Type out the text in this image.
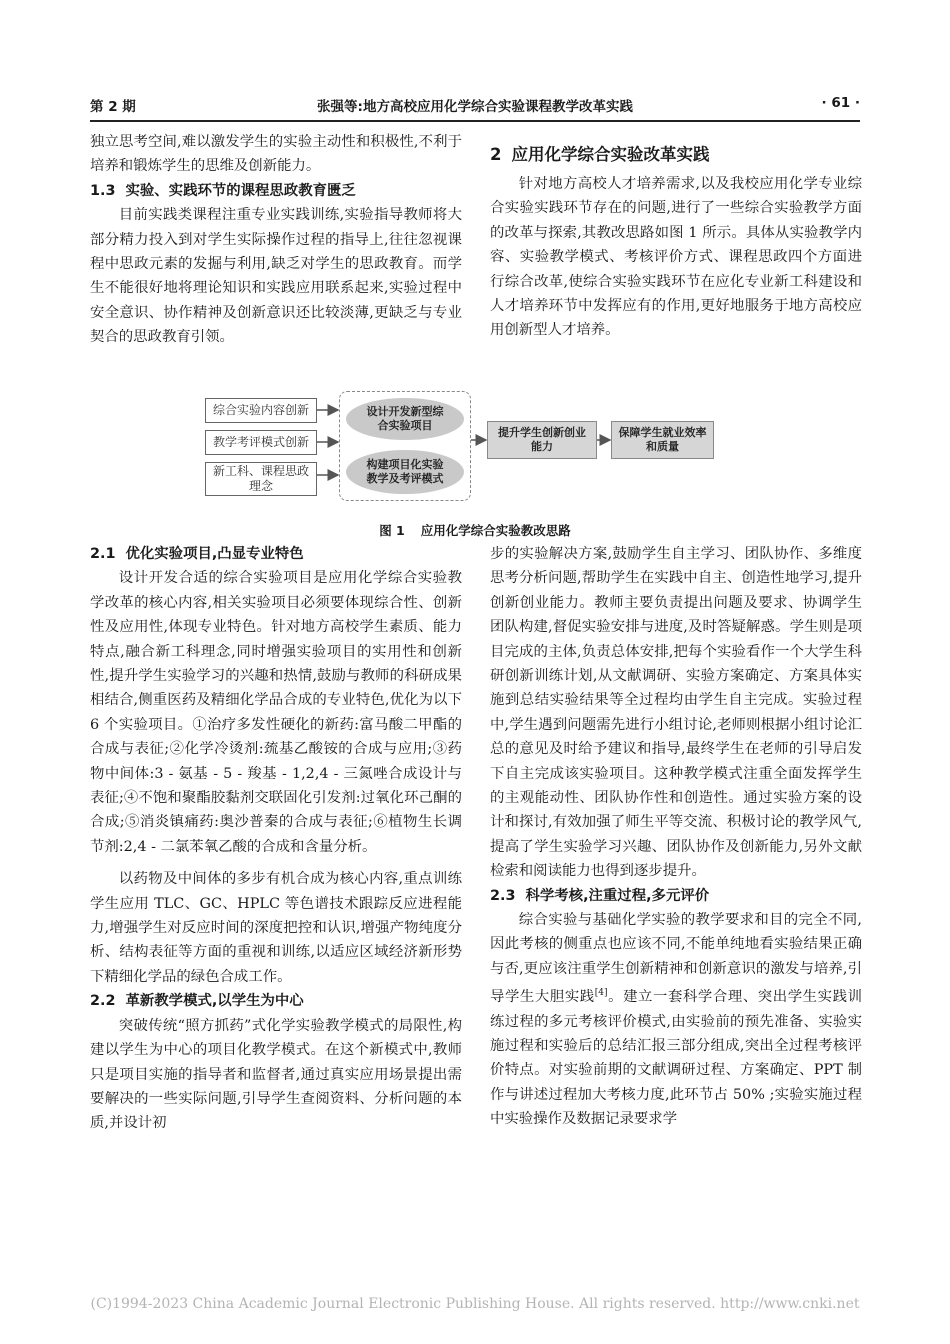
第 2 期	张强等:地方高校应用化学综合实验课程教学改革实践	· 61 ·

独立思考空间,难以激发学生的实验主动性和积极性,不利于培养和锻炼学生的思维及创新能力。

1.3 实验、实践环节的课程思政教育匮乏

目前实践类课程注重专业实践训练,实验指导教师将大部分精力投入到对学生实际操作过程的指导上,往往忽视课程中思政元素的发掘与利用,缺乏对学生的思政教育。而学生不能很好地将理论知识和实践应用联系起来,实验过程中安全意识、协作精神及创新意识还比较淡薄,更缺乏与专业契合的思政教育引领。

2 应用化学综合实验改革实践

针对地方高校人才培养需求,以及我校应用化学专业综合实验实践环节存在的问题,进行了一些综合实验教学方面的改革与探索,其教改思路如图 1 所示。具体从实验教学内容、实验教学模式、考核评价方式、课程思政四个方面进行综合改革,使综合实验实践环节在应化专业新工科建设和人才培养环节中发挥应有的作用,更好地服务于地方高校应用创新型人才培养。

综合实验内容创新
教学考评模式创新
新工科、课程思政理念
设计开发新型综合实验项目
构建项目化实验教学及考评模式
提升学生创新创业能力
保障学生就业效率和质量
图 1 应用化学综合实验教改思路
2.1 优化实验项目,凸显专业特色

设计开发合适的综合实验项目是应用化学综合实验教学改革的核心内容,相关实验项目必须要体现综合性、创新性及应用性,体现专业特色。针对地方高校学生素质、能力特点,融合新工科理念,同时增强实验项目的实用性和创新性,提升学生实验学习的兴趣和热情,鼓励与教师的科研成果相结合,侧重医药及精细化学品合成的专业特色,优化为以下 6 个实验项目。①治疗多发性硬化的新药:富马酸二甲酯的合成与表征;②化学冷烫剂:巯基乙酸铵的合成与应用;③药物中间体:3 - 氨基 - 5 - 羧基 - 1,2,4 - 三氮唑合成设计与表征;④不饱和聚酯胶黏剂交联固化引发剂:过氧化环己酮的合成;⑤消炎镇痛药:奥沙普秦的合成与表征;⑥植物生长调节剂:2,4 - 二氯苯氧乙酸的合成和含量分析。

以药物及中间体的多步有机合成为核心内容,重点训练学生应用 TLC、GC、HPLC 等色谱技术跟踪反应进程能力,增强学生对反应时间的深度把控和认识,增强产物纯度分析、结构表征等方面的重视和训练,以适应区域经济新形势下精细化学品的绿色合成工作。

2.2 革新教学模式,以学生为中心

突破传统“照方抓药”式化学实验教学模式的局限性,构建以学生为中心的项目化教学模式。在这个新模式中,教师只是项目实施的指导者和监督者,通过真实应用场景提出需要解决的一些实际问题,引导学生查阅资料、分析问题的本质,并设计初

步的实验解决方案,鼓励学生自主学习、团队协作、多维度思考分析问题,帮助学生在实践中自主、创造性地学习,提升创新创业能力。教师主要负责提出问题及要求、协调学生团队构建,督促实验安排与进度,及时答疑解惑。学生则是项目完成的主体,负责总体安排,把每个实验看作一个大学生科研创新训练计划,从文献调研、实验方案确定、方案具体实施到总结实验结果等全过程均由学生自主完成。实验过程中,学生遇到问题需先进行小组讨论,老师则根据小组讨论汇总的意见及时给予建议和指导,最终学生在老师的引导启发下自主完成该实验项目。这种教学模式注重全面发挥学生的主观能动性、团队协作性和创造性。通过实验方案的设计和探讨,有效加强了师生平等交流、积极讨论的教学风气,提高了学生实验学习兴趣、团队协作及创新能力,另外文献检索和阅读能力也得到逐步提升。

2.3 科学考核,注重过程,多元评价

综合实验与基础化学实验的教学要求和目的完全不同,因此考核的侧重点也应该不同,不能单纯地看实验结果正确与否,更应该注重学生创新精神和创新意识的激发与培养,引导学生大胆实践[4]。建立一套科学合理、突出学生实践训练过程的多元考核评价模式,由实验前的预先准备、实验实施过程和实验后的总结汇报三部分组成,突出全过程考核评价特点。对实验前期的文献调研过程、方案确定、PPT 制作与讲述过程加大考核力度,此环节占 50% ;实验实施过程中实验操作及数据记录要求学

(C)1994-2023 China Academic Journal Electronic Publishing House. All rights reserved. http://www.cnki.net
